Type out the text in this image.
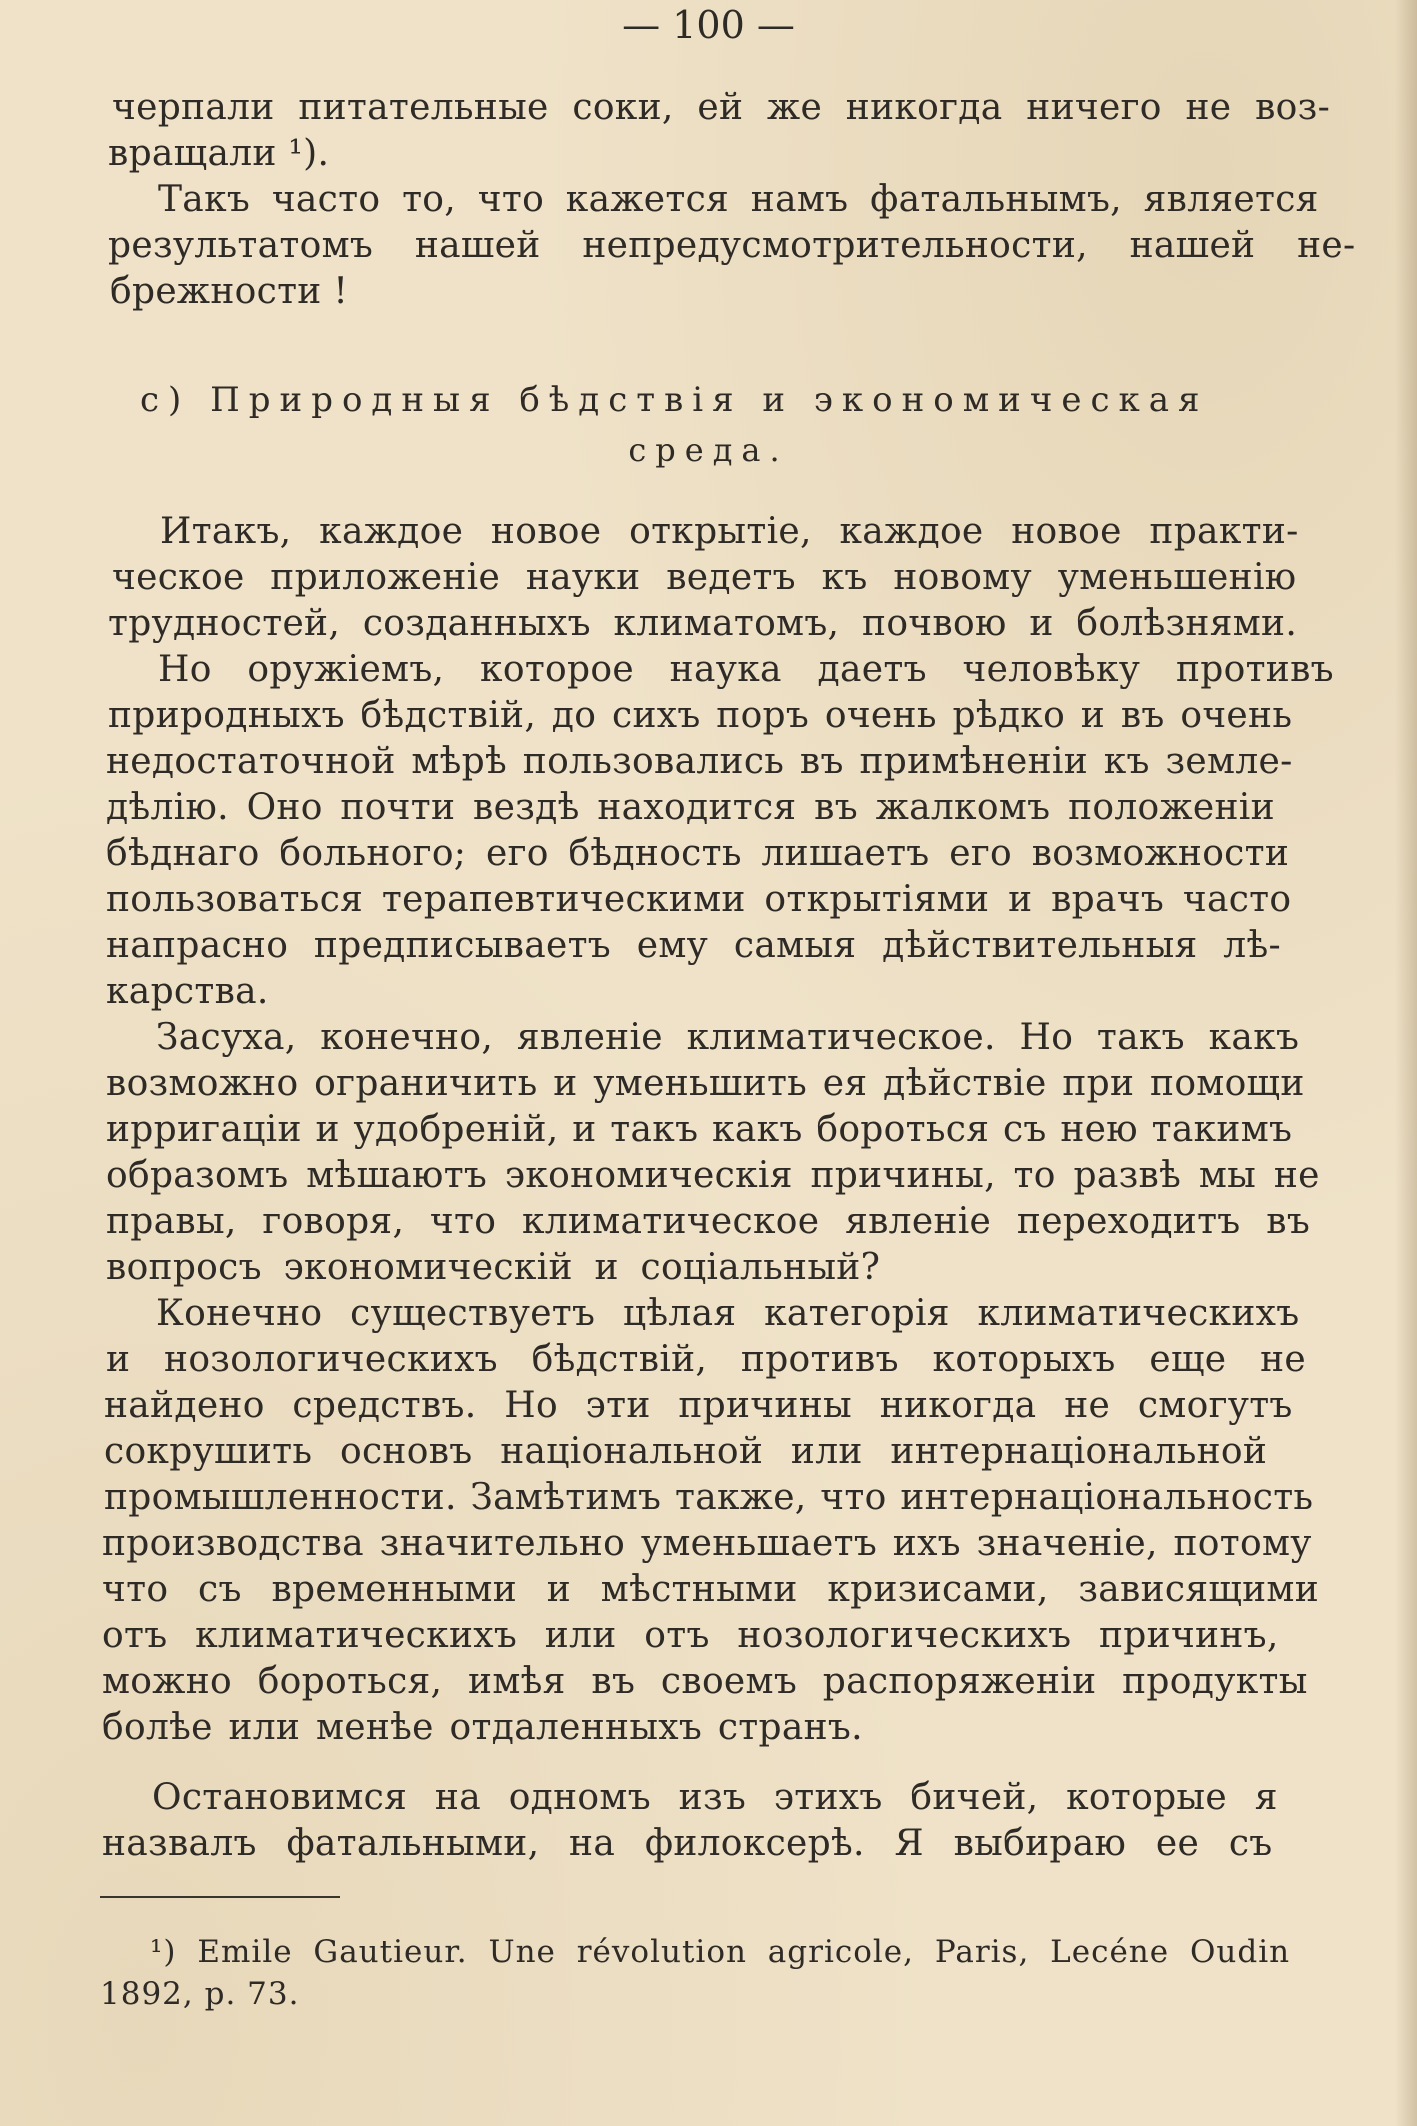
— 100 —
черпали питательные соки, ей же никогда ничего не воз-
вращали ¹).
Такъ часто то, что кажется намъ фатальнымъ, является
результатомъ нашей непредусмотрительности, нашей не-
брежности !
c) Природныя бѣдствія и экономическая
среда.
Итакъ, каждое новое открытіе, каждое новое практи-
ческое приложеніе науки ведетъ къ новому уменьшенію
трудностей, созданныхъ климатомъ, почвою и болѣзнями.
Но оружіемъ, которое наука даетъ человѣку противъ
природныхъ бѣдствій, до сихъ поръ очень рѣдко и въ очень
недостаточной мѣрѣ пользовались въ примѣненіи къ земле-
дѣлію. Оно почти вездѣ находится въ жалкомъ положеніи
бѣднаго больного; его бѣдность лишаетъ его возможности
пользоваться терапевтическими открытіями и врачъ часто
напрасно предписываетъ ему самыя дѣйствительныя лѣ-
карства.
Засуха, конечно, явленіе климатическое. Но такъ какъ
возможно ограничить и уменьшить ея дѣйствіе при помощи
ирригаціи и удобреній, и такъ какъ бороться съ нею такимъ
образомъ мѣшаютъ экономическія причины, то развѣ мы не
правы, говоря, что климатическое явленіе переходитъ въ
вопросъ экономическій и соціальный?
Конечно существуетъ цѣлая категорія климатическихъ
и нозологическихъ бѣдствій, противъ которыхъ еще не
найдено средствъ. Но эти причины никогда не смогутъ
сокрушить основъ національной или интернаціональной
промышленности. Замѣтимъ также, что интернаціональность
производства значительно уменьшаетъ ихъ значеніе, потому
что съ временными и мѣстными кризисами, зависящими
отъ климатическихъ или отъ нозологическихъ причинъ,
можно бороться, имѣя въ своемъ распоряженіи продукты
болѣе или менѣе отдаленныхъ странъ.
Остановимся на одномъ изъ этихъ бичей, которые я
назвалъ фатальными, на филоксерѣ. Я выбираю ее съ
¹) Emile Gautieur. Une révolution agricole, Paris, Lecéne Oudin
1892, p. 73.
